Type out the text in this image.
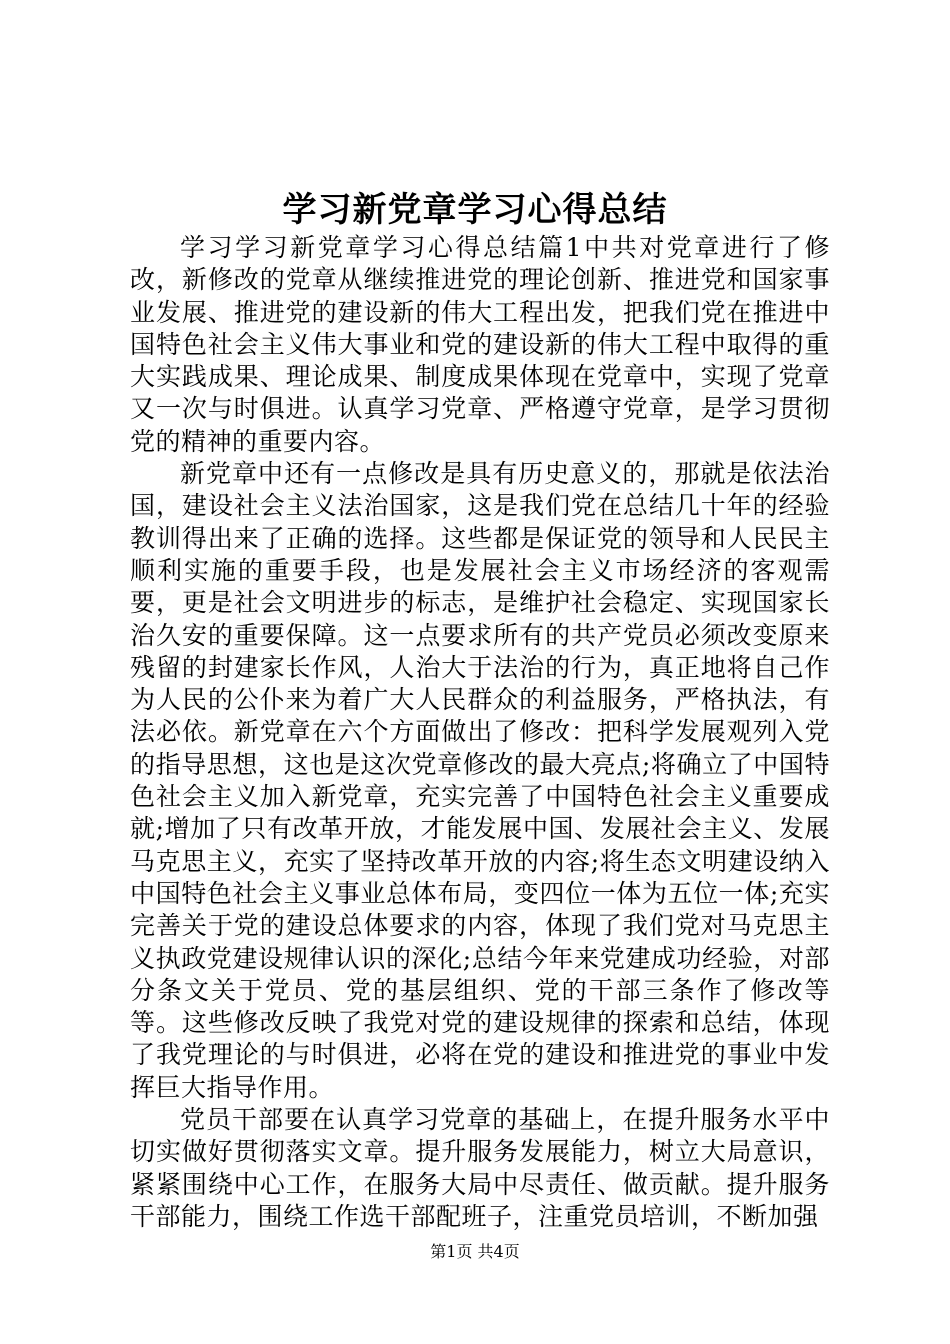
学习新党章学习心得总结

学习学习新党章学习心得总结篇1中共对党章进行了修改，新修改的党章从继续推进党的理论创新、推进党和国家事业发展、推进党的建设新的伟大工程出发，把我们党在推进中国特色社会主义伟大事业和党的建设新的伟大工程中取得的重大实践成果、理论成果、制度成果体现在党章中，实现了党章又一次与时俱进。认真学习党章、严格遵守党章，是学习贯彻党的精神的重要内容。

新党章中还有一点修改是具有历史意义的，那就是依法治国，建设社会主义法治国家，这是我们党在总结几十年的经验教训得出来了正确的选择。这些都是保证党的领导和人民民主顺利实施的重要手段，也是发展社会主义市场经济的客观需要，更是社会文明进步的标志，是维护社会稳定、实现国家长治久安的重要保障。这一点要求所有的共产党员必须改变原来残留的封建家长作风，人治大于法治的行为，真正地将自己作为人民的公仆来为着广大人民群众的利益服务，严格执法，有法必依。新党章在六个方面做出了修改：把科学发展观列入党的指导思想，这也是这次党章修改的最大亮点;将确立了中国特色社会主义加入新党章，充实完善了中国特色社会主义重要成就;增加了只有改革开放，才能发展中国、发展社会主义、发展马克思主义，充实了坚持改革开放的内容;将生态文明建设纳入中国特色社会主义事业总体布局，变四位一体为五位一体;充实完善关于党的建设总体要求的内容，体现了我们党对马克思主义执政党建设规律认识的深化;总结今年来党建成功经验，对部分条文关于党员、党的基层组织、党的干部三条作了修改等等。这些修改反映了我党对党的建设规律的探索和总结，体现了我党理论的与时俱进，必将在党的建设和推进党的事业中发挥巨大指导作用。

党员干部要在认真学习党章的基础上，在提升服务水平中切实做好贯彻落实文章。提升服务发展能力，树立大局意识，紧紧围绕中心工作，在服务大局中尽责任、做贡献。提升服务干部能力，围绕工作选干部配班子，注重党员培训，不断加强

第1页 共4页
